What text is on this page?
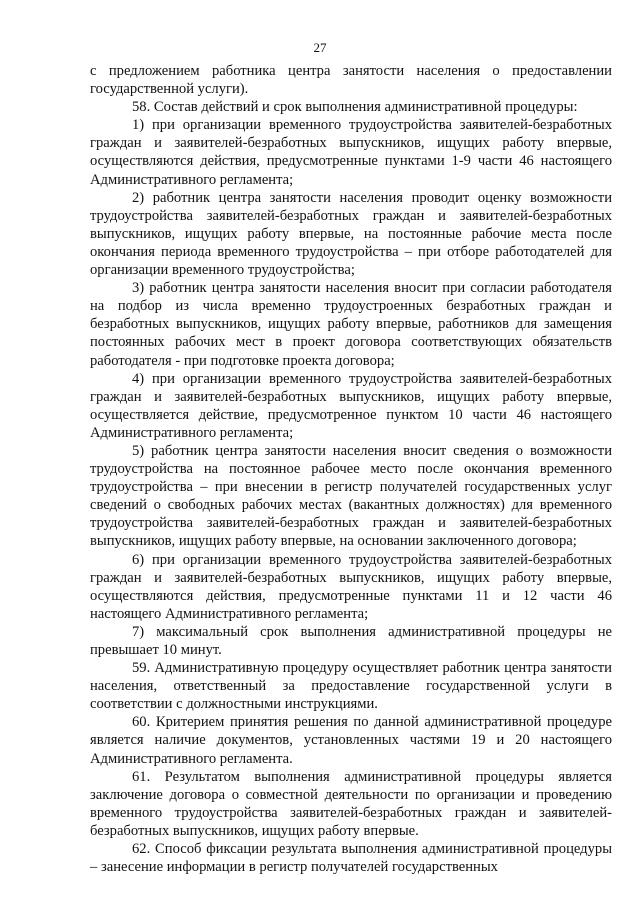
27

с предложением работника центра занятости населения о предоставлении государственной услуги).

58. Состав действий и срок выполнения административной процедуры:

1) при организации временного трудоустройства заявителей-безработных граждан и заявителей-безработных выпускников, ищущих работу впервые, осуществляются действия, предусмотренные пунктами 1-9 части 46 настоящего Административного регламента;

2) работник центра занятости населения проводит оценку возможности трудоустройства заявителей-безработных граждан и заявителей-безработных выпускников, ищущих работу впервые, на постоянные рабочие места после окончания периода временного трудоустройства – при отборе работодателей для организации временного трудоустройства;

3) работник центра занятости населения вносит при согласии работодателя на подбор из числа временно трудоустроенных безработных граждан и безработных выпускников, ищущих работу впервые, работников для замещения постоянных рабочих мест в проект договора соответствующих обязательств работодателя - при подготовке проекта договора;

4) при организации временного трудоустройства заявителей-безработных граждан и заявителей-безработных выпускников, ищущих работу впервые, осуществляется действие, предусмотренное пунктом 10 части 46 настоящего Административного регламента;

5) работник центра занятости населения вносит сведения о возможности трудоустройства на постоянное рабочее место после окончания временного трудоустройства – при внесении в регистр получателей государственных услуг сведений о свободных рабочих местах (вакантных должностях) для временного трудоустройства заявителей-безработных граждан и заявителей-безработных выпускников, ищущих работу впервые, на основании заключенного договора;

6) при организации временного трудоустройства заявителей-безработных граждан и заявителей-безработных выпускников, ищущих работу впервые, осуществляются действия, предусмотренные пунктами 11 и 12 части 46 настоящего Административного регламента;

7) максимальный срок выполнения административной процедуры не превышает 10 минут.

59. Административную процедуру осуществляет работник центра занятости населения, ответственный за предоставление государственной услуги в соответствии с должностными инструкциями.

60. Критерием принятия решения по данной административной процедуре является наличие документов, установленных частями 19 и 20 настоящего Административного регламента.

61. Результатом выполнения административной процедуры является заключение договора о совместной деятельности по организации и проведению временного трудоустройства заявителей-безработных граждан и заявителей-безработных выпускников, ищущих работу впервые.

62. Способ фиксации результата выполнения административной процедуры – занесение информации в регистр получателей государственных
